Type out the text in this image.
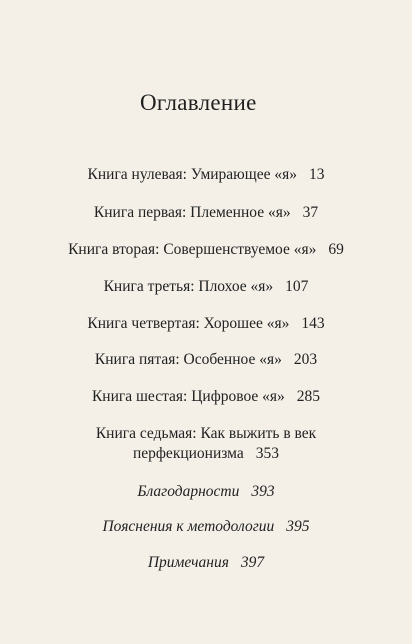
Оглавление
Книга нулевая: Умирающее «я» 13
Книга первая: Племенное «я» 37
Книга вторая: Совершенствуемое «я» 69
Книга третья: Плохое «я» 107
Книга четвертая: Хорошее «я» 143
Книга пятая: Особенное «я» 203
Книга шестая: Цифровое «я» 285
Книга седьмая: Как выжить в век
перфекционизма 353
Благодарности 393
Пояснения к методологии 395
Примечания 397
